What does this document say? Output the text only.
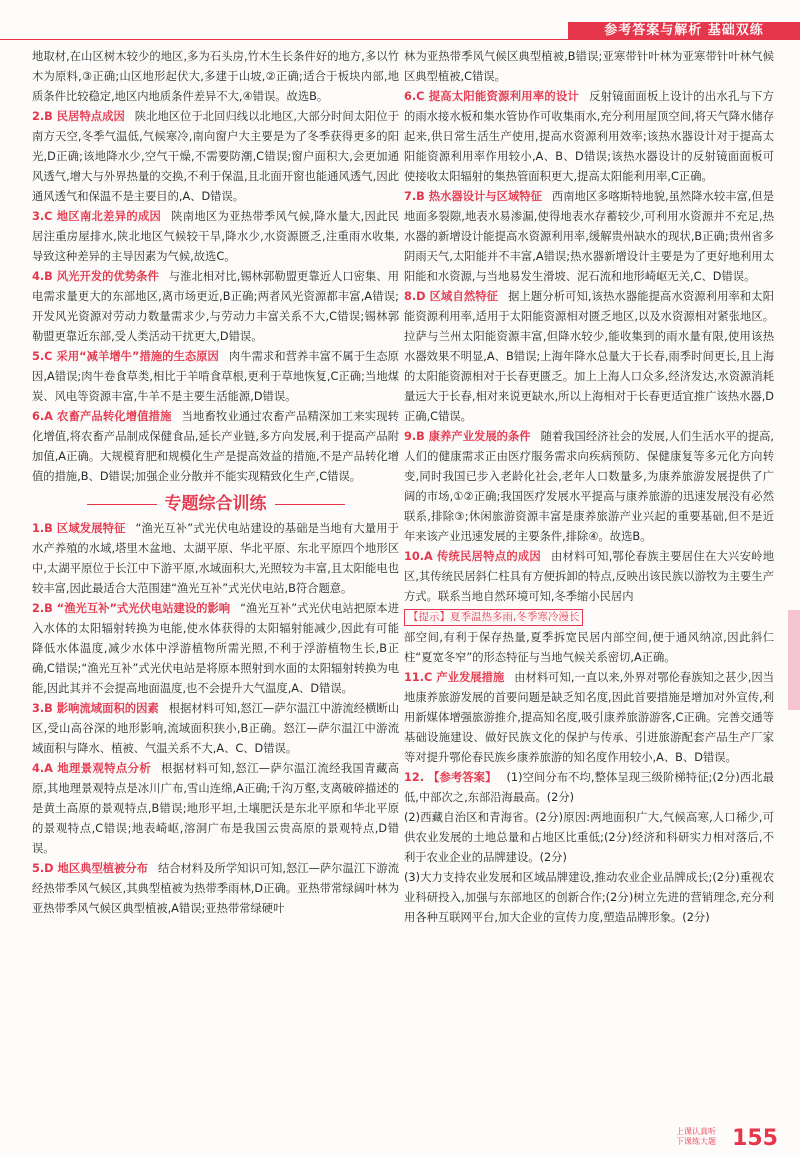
参考答案与解析 基础双练

地取材,在山区树木较少的地区,多为石头房,竹木生长条件好的地方,多以竹木为原料,③正确;山区地形起伏大,多建于山坡,②正确;适合于板块内部,地质条件比较稳定,地区内地质条件差异不大,④错误。故选B。

2.B 民居特点成因 陕北地区位于北回归线以北地区,大部分时间太阳位于南方天空,冬季气温低,气候寒冷,南向窗户大主要是为了冬季获得更多的阳光,D正确;该地降水少,空气干燥,不需要防潮,C错误;窗户面积大,会更加通风透气,增大与外界热量的交换,不利于保温,且北面开窗也能通风透气,因此通风透气和保温不是主要目的,A、D错误。

3.C 地区南北差异的成因 陕南地区为亚热带季风气候,降水量大,因此民居注重房屋排水,陕北地区气候较干旱,降水少,水资源匮乏,注重雨水收集,导致这种差异的主导因素为气候,故选C。

4.B 风光开发的优势条件 与淮北相对比,锡林郭勒盟更靠近人口密集、用电需求量更大的东部地区,离市场更近,B正确;两者风光资源都丰富,A错误;开发风光资源对劳动力数量需求少,与劳动力丰富关系不大,C错误;锡林郭勒盟更靠近东部,受人类活动干扰更大,D错误。

5.C 采用“减羊增牛”措施的生态原因 肉牛需求和营养丰富不属于生态原因,A错误;肉牛卷食草类,相比于羊啃食草根,更利于草地恢复,C正确;当地煤炭、风电等资源丰富,牛羊不是主要生活能源,D错误。

6.A 农畜产品转化增值措施 当地畜牧业通过农畜产品精深加工来实现转化增值,将农畜产品制成保健食品,延长产业链,多方向发展,利于提高产品附加值,A正确。大规模育肥和规模化生产是提高效益的措施,不是产品转化增值的措施,B、D错误;加强企业分散并不能实现精致化生产,C错误。

专题综合训练

1.B 区域发展特征 “渔光互补”式光伏电站建设的基础是当地有大量用于水产养殖的水域,塔里木盆地、太湖平原、华北平原、东北平原四个地形区中,太湖平原位于长江中下游平原,水域面积大,光照较为丰富,且太阳能电也较丰富,因此最适合大范围建“渔光互补”式光伏电站,B符合题意。

2.B “渔光互补”式光伏电站建设的影响 “渔光互补”式光伏电站把原本进入水体的太阳辐射转换为电能,使水体获得的太阳辐射能减少,因此有可能降低水体温度,减少水体中浮游植物所需光照,不利于浮游植物生长,B正确,C错误;“渔光互补”式光伏电站是将原本照射到水面的太阳辐射转换为电能,因此其并不会提高地面温度,也不会提升大气温度,A、D错误。

3.B 影响流域面积的因素 根据材料可知,怒江—萨尔温江中游流经横断山区,受山高谷深的地形影响,流域面积狭小,B正确。怒江—萨尔温江中游流域面积与降水、植被、气温关系不大,A、C、D错误。

4.A 地理景观特点分析 根据材料可知,怒江—萨尔温江流经我国青藏高原,其地理景观特点是冰川广布,雪山连绵,A正确;千沟万壑,支离破碎描述的是黄土高原的景观特点,B错误;地形平坦,土壤肥沃是东北平原和华北平原的景观特点,C错误;地表崎岖,溶洞广布是我国云贵高原的景观特点,D错误。

5.D 地区典型植被分布 结合材料及所学知识可知,怒江—萨尔温江下游流经热带季风气候区,其典型植被为热带季雨林,D正确。亚热带常绿阔叶林为亚热带季风气候区典型植被,A错误;亚热带常绿硬叶

林为亚热带季风气候区典型植被,B错误;亚寒带针叶林为亚寒带针叶林气候区典型植被,C错误。

6.C 提高太阳能资源利用率的设计 反射镜面面板上设计的出水孔与下方的雨水接水板和集水管协作可收集雨水,充分利用屋顶空间,将天气降水储存起来,供日常生活生产使用,提高水资源利用效率;该热水器设计对于提高太阳能资源利用率作用较小,A、B、D错误;该热水器设计的反射镜面面板可使接收太阳辐射的集热管面积更大,提高太阳能利用率,C正确。

7.B 热水器设计与区域特征 西南地区多喀斯特地貌,虽然降水较丰富,但是地面多裂隙,地表水易渗漏,使得地表水存蓄较少,可利用水资源并不充足,热水器的新增设计能提高水资源利用率,缓解贵州缺水的现状,B正确;贵州省多阴雨天气,太阳能并不丰富,A错误;热水器新增设计主要是为了更好地利用太阳能和水资源,与当地易发生滑坡、泥石流和地形崎岖无关,C、D错误。

8.D 区域自然特征 据上题分析可知,该热水器能提高水资源利用率和太阳能资源利用率,适用于太阳能资源相对匮乏地区,以及水资源相对紧张地区。拉萨与兰州太阳能资源丰富,但降水较少,能收集到的雨水量有限,使用该热水器效果不明显,A、B错误;上海年降水总量大于长春,雨季时间更长,且上海的太阳能资源相对于长春更匮乏。加上上海人口众多,经济发达,水资源消耗量远大于长春,相对来说更缺水,所以上海相对于长春更适宜推广该热水器,D正确,C错误。

9.B 康养产业发展的条件 随着我国经济社会的发展,人们生活水平的提高,人们的健康需求正由医疗服务需求向疾病预防、保健康复等多元化方向转变,同时我国已步入老龄化社会,老年人口数量多,为康养旅游发展提供了广阔的市场,①②正确;我国医疗发展水平提高与康养旅游的迅速发展没有必然联系,排除③;休闲旅游资源丰富是康养旅游产业兴起的重要基础,但不是近年来该产业迅速发展的主要条件,排除④。故选B。

10.A 传统民居特点的成因 由材料可知,鄂伦春族主要居住在大兴安岭地区,其传统民居斜仁柱具有方便拆卸的特点,反映出该民族以游牧为主要生产方式。联系当地自然环境可知,冬季缩小民居内

【提示】夏季温热多雨,冬季寒冷漫长

部空间,有利于保存热量,夏季拆宽民居内部空间,便于通风纳凉,因此斜仁柱“夏宽冬窄”的形态特征与当地气候关系密切,A正确。

11.C 产业发展措施 由材料可知,一直以来,外界对鄂伦春族知之甚少,因当地康养旅游发展的首要问题是缺乏知名度,因此首要措施是增加对外宣传,利用新媒体增强旅游推介,提高知名度,吸引康养旅游游客,C正确。完善交通等基础设施建设、做好民族文化的保护与传承、引进旅游配套产品生产厂家等对提升鄂伦春民族乡康养旅游的知名度作用较小,A、B、D错误。

12. 【参考答案】 (1)空间分布不均,整体呈现三级阶梯特征;(2分)西北最低,中部次之,东部沿海最高。(2分)

(2)西藏自治区和青海省。(2分)原因:两地面积广大,气候高寒,人口稀少,可供农业发展的土地总量和占地区比重低;(2分)经济和科研实力相对落后,不利于农业企业的品牌建设。(2分)

(3)大力支持农业发展和区域品牌建设,推动农业企业品牌成长;(2分)重视农业科研投入,加强与东部地区的创新合作;(2分)树立先进的营销理念,充分利用各种互联网平台,加大企业的宣传力度,塑造品牌形象。(2分)

上课认真听 下课练大题 155
